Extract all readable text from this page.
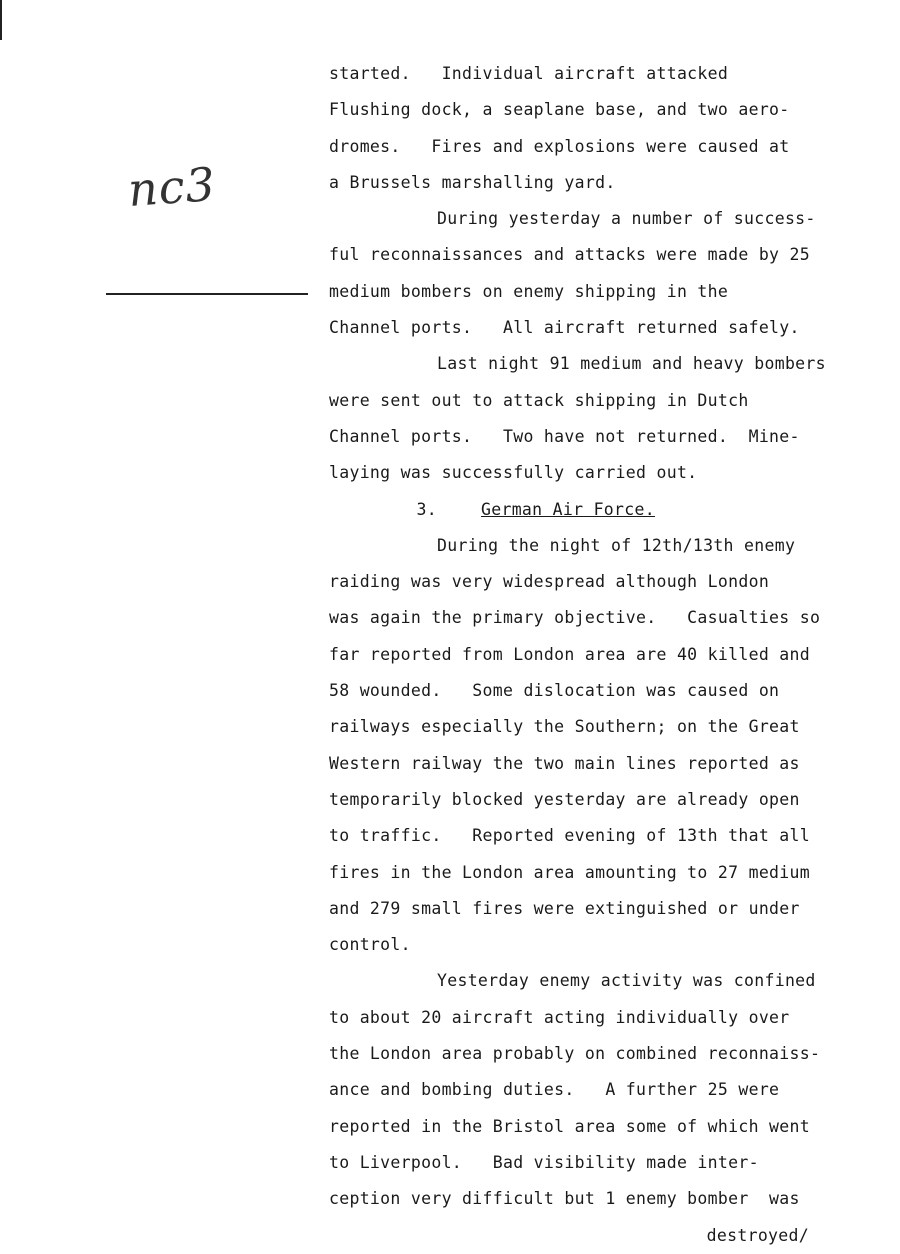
nc3
started.   Individual aircraft attacked
Flushing dock, a seaplane base, and two aero-
dromes.   Fires and explosions were caused at
a Brussels marshalling yard.
During yesterday a number of success-
ful reconnaissances and attacks were made by 25
medium bombers on enemy shipping in the
Channel ports.   All aircraft returned safely.
Last night 91 medium and heavy bombers
were sent out to attack shipping in Dutch
Channel ports.   Two have not returned.  Mine-
laying was successfully carried out.
3.	German Air Force.
During the night of 12th/13th enemy
raiding was very widespread although London
was again the primary objective.   Casualties so
far reported from London area are 40 killed and
58 wounded.   Some dislocation was caused on
railways especially the Southern; on the Great
Western railway the two main lines reported as
temporarily blocked yesterday are already open
to traffic.   Reported evening of 13th that all
fires in the London area amounting to 27 medium
and 279 small fires were extinguished or under
control.
Yesterday enemy activity was confined
to about 20 aircraft acting individually over
the London area probably on combined reconnaiss-
ance and bombing duties.   A further 25 were
reported in the Bristol area some of which went
to Liverpool.   Bad visibility made inter-
ception very difficult but 1 enemy bomber  was
destroyed/
